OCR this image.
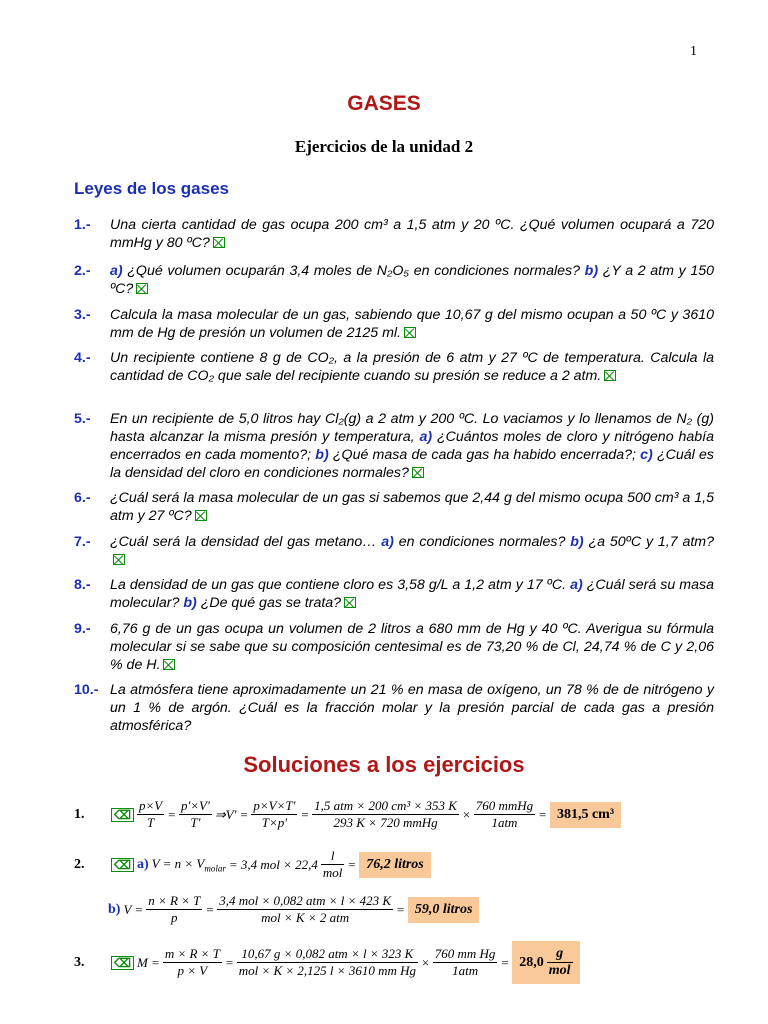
1
GASES
Ejercicios de la unidad 2
Leyes de los gases
1.- Una cierta cantidad de gas ocupa 200 cm³ a 1,5 atm y 20 ºC. ¿Qué volumen ocupará a 720 mmHg y 80 ºC?
2.- a) ¿Qué volumen ocuparán 3,4 moles de N₂O₅ en condiciones normales? b) ¿Y a 2 atm y 150 ºC?
3.- Calcula la masa molecular de un gas, sabiendo que 10,67 g del mismo ocupan a 50 ºC y 3610 mm de Hg de presión un volumen de 2125 ml.
4.- Un recipiente contiene 8 g de CO₂, a la presión de 6 atm y 27 ºC de temperatura. Calcula la cantidad de CO₂ que sale del recipiente cuando su presión se reduce a 2 atm.
5.- En un recipiente de 5,0 litros hay Cl₂(g) a 2 atm y 200 ºC. Lo vaciamos y lo llenamos de N₂ (g) hasta alcanzar la misma presión y temperatura, a) ¿Cuántos moles de cloro y nitrógeno había encerrados en cada momento?; b) ¿Qué masa de cada gas ha habido encerrada?; c) ¿Cuál es la densidad del cloro en condiciones normales?
6.- ¿Cuál será la masa molecular de un gas si sabemos que 2,44 g del mismo ocupa 500 cm³ a 1,5 atm y 27 ºC?
7.- ¿Cuál será la densidad del gas metano… a) en condiciones normales? b) ¿a 50ºC y 1,7 atm?
8.- La densidad de un gas que contiene cloro es 3,58 g/L a 1,2 atm y 17 ºC. a) ¿Cuál será su masa molecular? b) ¿De qué gas se trata?
9.- 6,76 g de un gas ocupa un volumen de 2 litros a 680 mm de Hg y 40 ºC. Averigua su fórmula molecular si se sabe que su composición centesimal es de 73,20 % de Cl, 24,74 % de C y 2,06 % de H.
10.- La atmósfera tiene aproximadamente un 21 % en masa de oxígeno, un 78 % de de nitrógeno y un 1 % de argón. ¿Cuál es la fracción molar y la presión parcial de cada gas a presión atmosférica?
Soluciones a los ejercicios
1.	⌫ $\frac{p\times V}{T} = \frac{p'\times V'}{T'}$ ⇒V' = $\frac{p\times V\times T'}{T\times p'} = \frac{\text{1,5 atm × 200 cm³ × 353 K}}{\text{293 K × 720 mmHg}} \times \frac{\text{760 mmHg}}{\text{1atm}} = 381,5$ cm³
2.	⌫ a) $V = n \times V_{molar} = 3,4$ mol × $22,4 \frac{l}{\text{mol}} = 76,2$ litros
b) $V = \frac{n \times R \times T}{p} = \frac{\text{3,4 mol × 0,082 atm × l × 423 K}}{\text{mol × K × 2 atm}} = 59,0$ litros
3.	⌫ $M = \frac{m \times R \times T}{p \times V} = \frac{\text{10,67 g × 0,082 atm × l × 323 K}}{\text{mol × K × 2,125 l × 3610 mm Hg}} \times \frac{\text{760 mm Hg}}{\text{1atm}} = 28,0 \frac{g}{\text{mol}}$
